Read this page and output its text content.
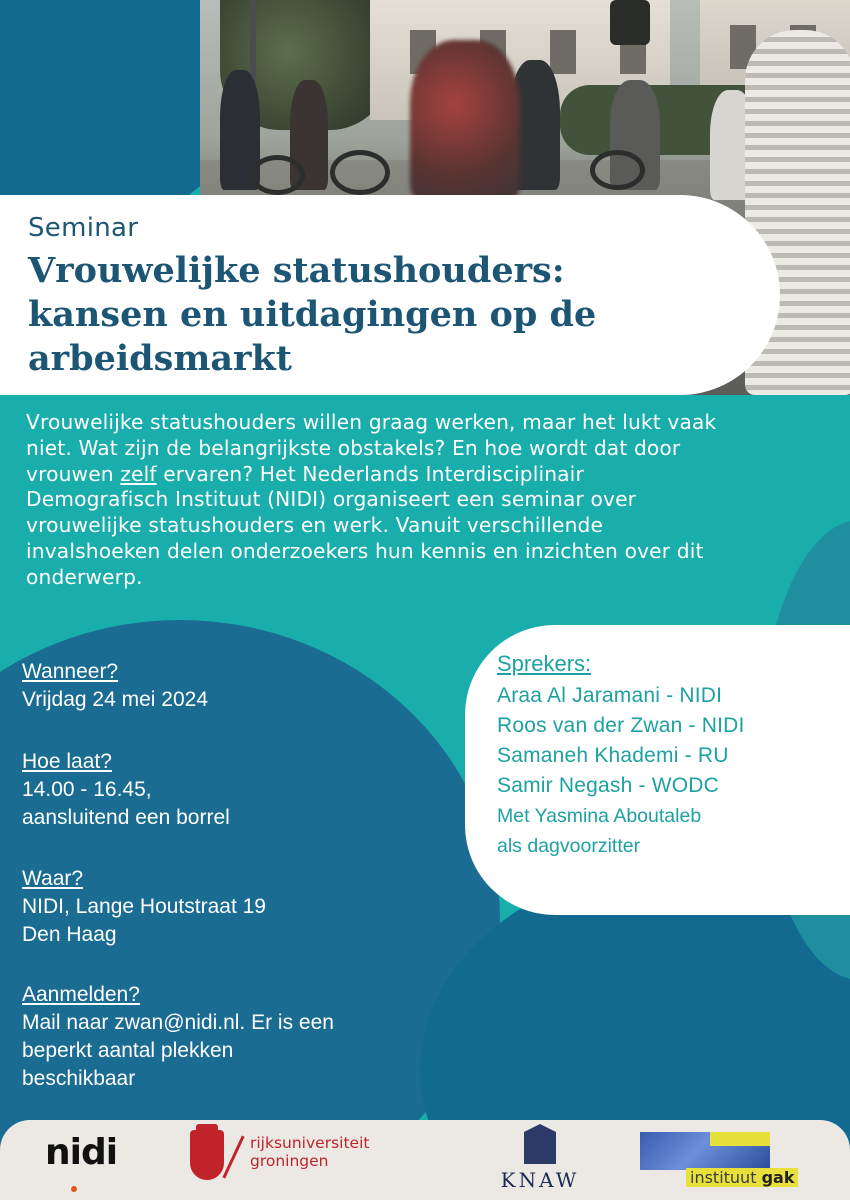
Seminar
Vrouwelijke statushouders:
kansen en uitdagingen op de
arbeidsmarkt
Vrouwelijke statushouders willen graag werken, maar het lukt vaak
niet. Wat zijn de belangrijkste obstakels? En hoe wordt dat door
vrouwen zelf ervaren? Het Nederlands Interdisciplinair
Demografisch Instituut (NIDI) organiseert een seminar over
vrouwelijke statushouders en werk. Vanuit verschillende
invalshoeken delen onderzoekers hun kennis en inzichten over dit
onderwerp.
Wanneer?
Vrijdag 24 mei 2024
Hoe laat?
14.00 - 16.45,
aansluitend een borrel
Waar?
NIDI, Lange Houtstraat 19
Den Haag
Aanmelden?
Mail naar zwan@nidi.nl. Er is een
beperkt aantal plekken
beschikbaar
Sprekers:
Araa Al Jaramani - NIDI
Roos van der Zwan - NIDI
Samaneh Khademi - RU
Samir Negash - WODC
Met Yasmina Aboutaleb
als dagvoorzitter
nidi	rijksuniversiteit
groningen
KNAW	instituut gak
